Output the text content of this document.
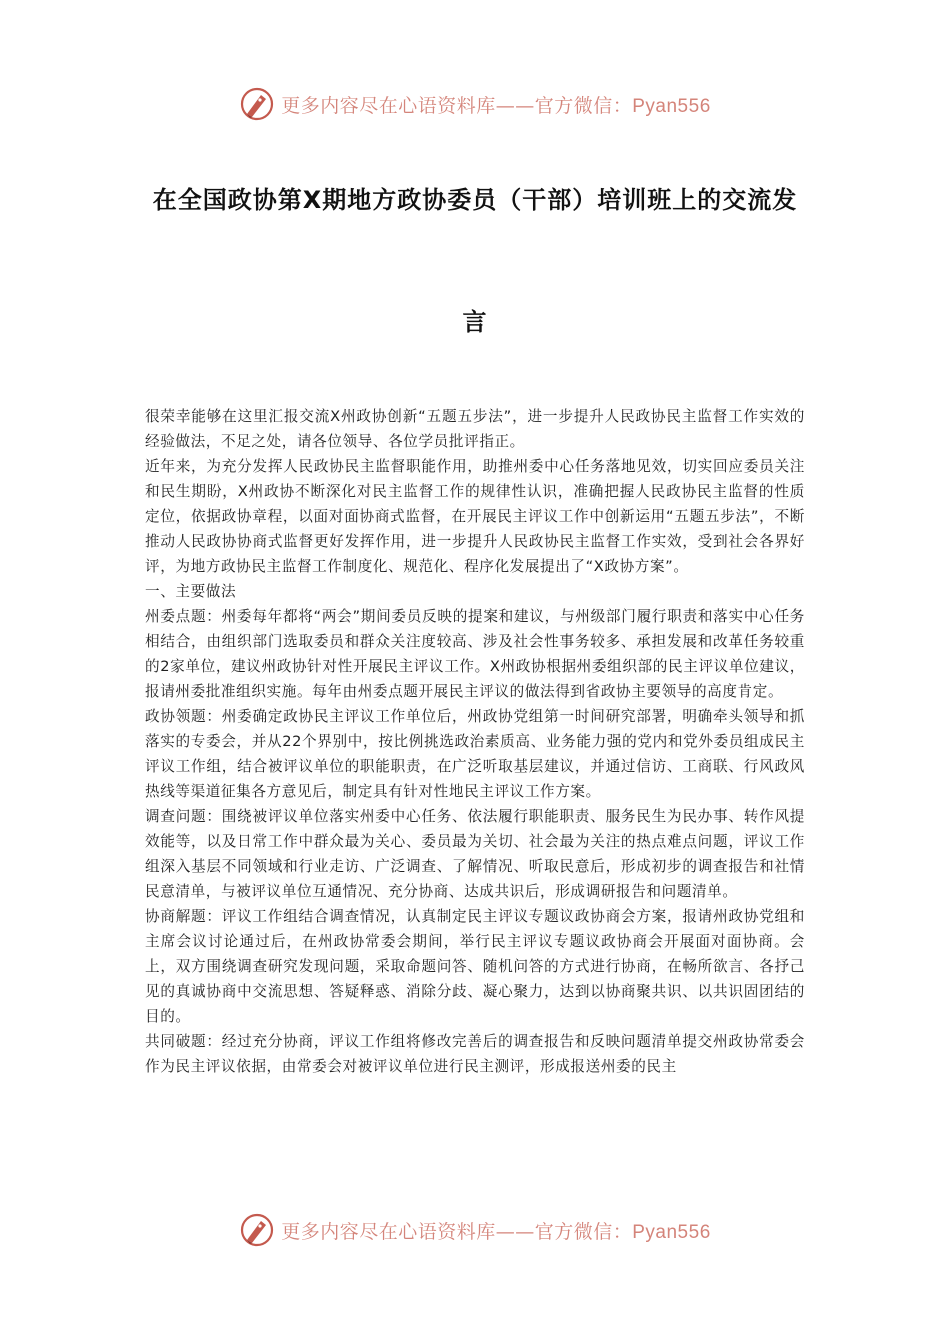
更多内容尽在心语资料库——官方微信：Pyan556
在全国政协第X期地方政协委员（干部）培训班上的交流发
言

很荣幸能够在这里汇报交流X州政协创新“五题五步法”，进一步提升人民政协民主监督工作实效的经验做法，不足之处，请各位领导、各位学员批评指正。

近年来，为充分发挥人民政协民主监督职能作用，助推州委中心任务落地见效，切实回应委员关注和民生期盼，X州政协不断深化对民主监督工作的规律性认识，准确把握人民政协民主监督的性质定位，依据政协章程，以面对面协商式监督，在开展民主评议工作中创新运用“五题五步法”，不断推动人民政协协商式监督更好发挥作用，进一步提升人民政协民主监督工作实效，受到社会各界好评，为地方政协民主监督工作制度化、规范化、程序化发展提出了“X政协方案”。

一、主要做法

州委点题：州委每年都将“两会”期间委员反映的提案和建议，与州级部门履行职责和落实中心任务相结合，由组织部门选取委员和群众关注度较高、涉及社会性事务较多、承担发展和改革任务较重的2家单位，建议州政协针对性开展民主评议工作。X州政协根据州委组织部的民主评议单位建议，报请州委批准组织实施。每年由州委点题开展民主评议的做法得到省政协主要领导的高度肯定。

政协领题：州委确定政协民主评议工作单位后，州政协党组第一时间研究部署，明确牵头领导和抓落实的专委会，并从22个界别中，按比例挑选政治素质高、业务能力强的党内和党外委员组成民主评议工作组，结合被评议单位的职能职责，在广泛听取基层建议，并通过信访、工商联、行风政风热线等渠道征集各方意见后，制定具有针对性地民主评议工作方案。

调查问题：围绕被评议单位落实州委中心任务、依法履行职能职责、服务民生为民办事、转作风提效能等，以及日常工作中群众最为关心、委员最为关切、社会最为关注的热点难点问题，评议工作组深入基层不同领域和行业走访、广泛调查、了解情况、听取民意后，形成初步的调查报告和社情民意清单，与被评议单位互通情况、充分协商、达成共识后，形成调研报告和问题清单。

协商解题：评议工作组结合调查情况，认真制定民主评议专题议政协商会方案，报请州政协党组和主席会议讨论通过后，在州政协常委会期间，举行民主评议专题议政协商会开展面对面协商。会上，双方围绕调查研究发现问题，采取命题问答、随机问答的方式进行协商，在畅所欲言、各抒己见的真诚协商中交流思想、答疑释惑、消除分歧、凝心聚力，达到以协商聚共识、以共识固团结的目的。

共同破题：经过充分协商，评议工作组将修改完善后的调查报告和反映问题清单提交州政协常委会作为民主评议依据，由常委会对被评议单位进行民主测评，形成报送州委的民主

更多内容尽在心语资料库——官方微信：Pyan556
